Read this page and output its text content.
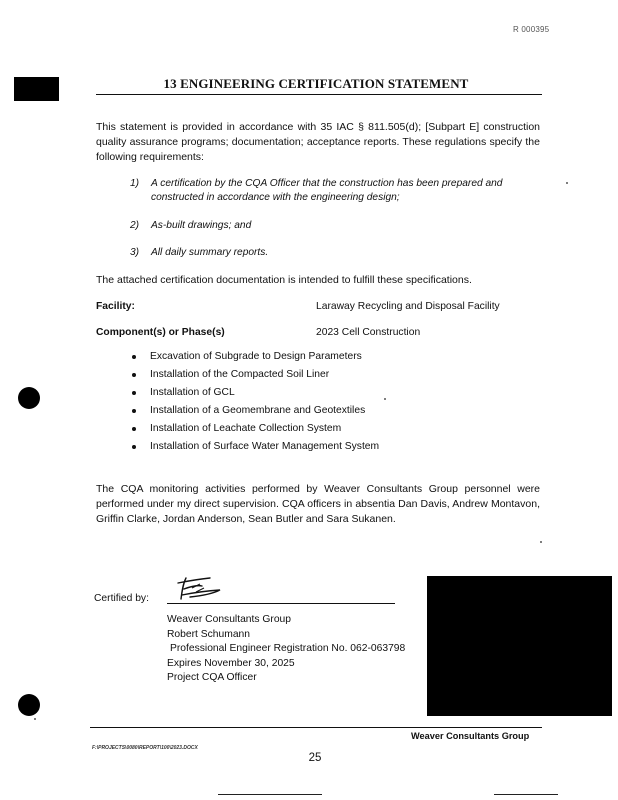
R 000395
13 ENGINEERING CERTIFICATION STATEMENT
This statement is provided in accordance with 35 IAC § 811.505(d); [Subpart E] construction quality assurance programs; documentation; acceptance reports. These regulations specify the following requirements:
1) A certification by the CQA Officer that the construction has been prepared and constructed in accordance with the engineering design;
2) As-built drawings; and
3) All daily summary reports.
The attached certification documentation is intended to fulfill these specifications.
Facility:	Laraway Recycling and Disposal Facility
Component(s) or Phase(s)	2023 Cell Construction
Excavation of Subgrade to Design Parameters
Installation of the Compacted Soil Liner
Installation of GCL
Installation of a Geomembrane and Geotextiles
Installation of Leachate Collection System
Installation of Surface Water Management System
The CQA monitoring activities performed by Weaver Consultants Group personnel were performed under my direct supervision. CQA officers in absentia Dan Davis, Andrew Montavon, Griffin Clarke, Jordan Anderson, Sean Butler and Sara Sukanen.
Certified by:
Weaver Consultants Group
Robert Schumann
Professional Engineer Registration No. 062-063798
Expires November 30, 2025
Project CQA Officer
Weaver Consultants Group
F:\PROJECTS\0080\REPORT\100\2023.DOCX
25
